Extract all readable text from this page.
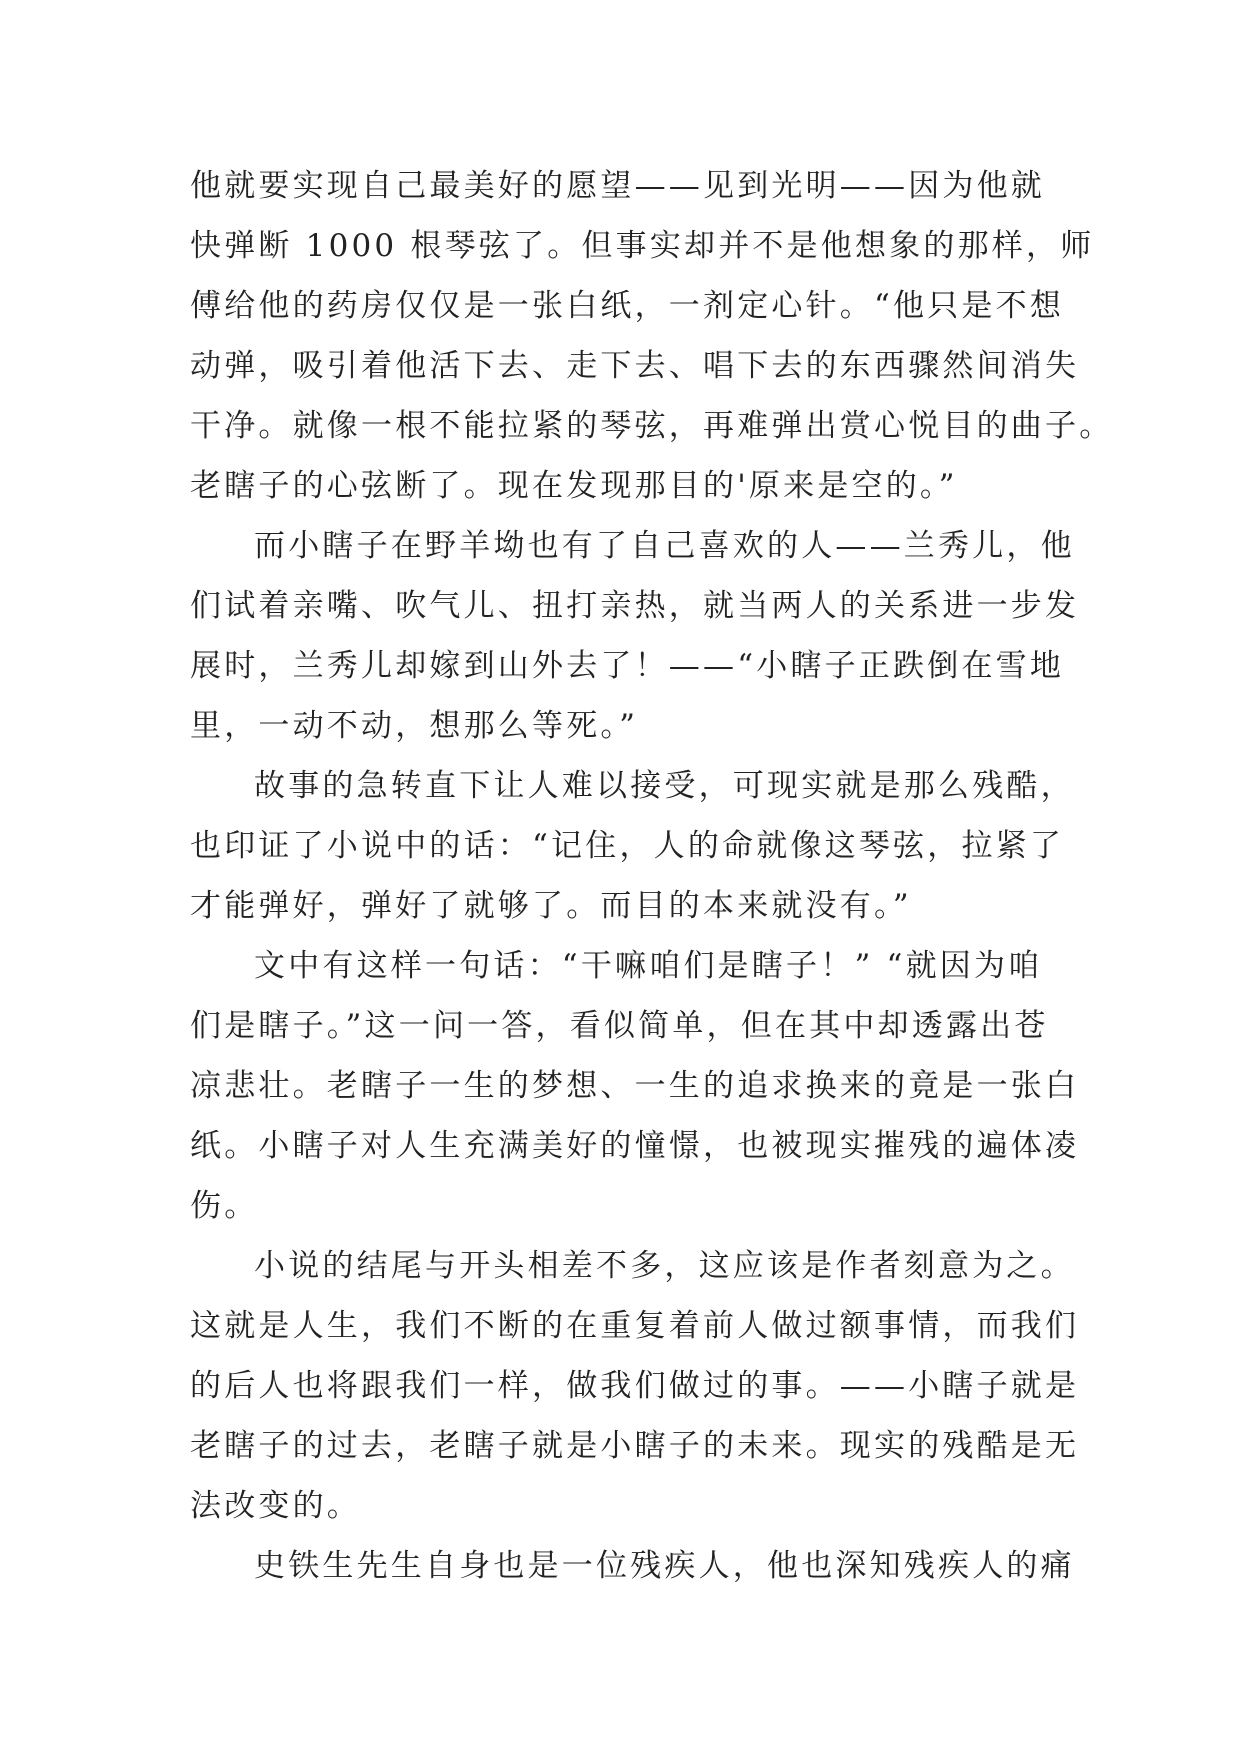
他就要实现自己最美好的愿望——见到光明——因为他就
快弹断 1000 根琴弦了。但事实却并不是他想象的那样，师
傅给他的药房仅仅是一张白纸，一剂定心针。“他只是不想
动弹，吸引着他活下去、走下去、唱下去的东西骤然间消失
干净。就像一根不能拉紧的琴弦，再难弹出赏心悦目的曲子。
老瞎子的心弦断了。现在发现那目的'原来是空的。”
而小瞎子在野羊坳也有了自己喜欢的人——兰秀儿，他
们试着亲嘴、吹气儿、扭打亲热，就当两人的关系进一步发
展时，兰秀儿却嫁到山外去了！——“小瞎子正跌倒在雪地
里，一动不动，想那么等死。”
故事的急转直下让人难以接受，可现实就是那么残酷，
也印证了小说中的话：“记住，人的命就像这琴弦，拉紧了
才能弹好，弹好了就够了。而目的本来就没有。”
文中有这样一句话：“干嘛咱们是瞎子！” “就因为咱
们是瞎子。”这一问一答，看似简单，但在其中却透露出苍
凉悲壮。老瞎子一生的梦想、一生的追求换来的竟是一张白
纸。小瞎子对人生充满美好的憧憬，也被现实摧残的遍体凌
伤。
小说的结尾与开头相差不多，这应该是作者刻意为之。
这就是人生，我们不断的在重复着前人做过额事情，而我们
的后人也将跟我们一样，做我们做过的事。——小瞎子就是
老瞎子的过去，老瞎子就是小瞎子的未来。现实的残酷是无
法改变的。
史铁生先生自身也是一位残疾人，他也深知残疾人的痛
